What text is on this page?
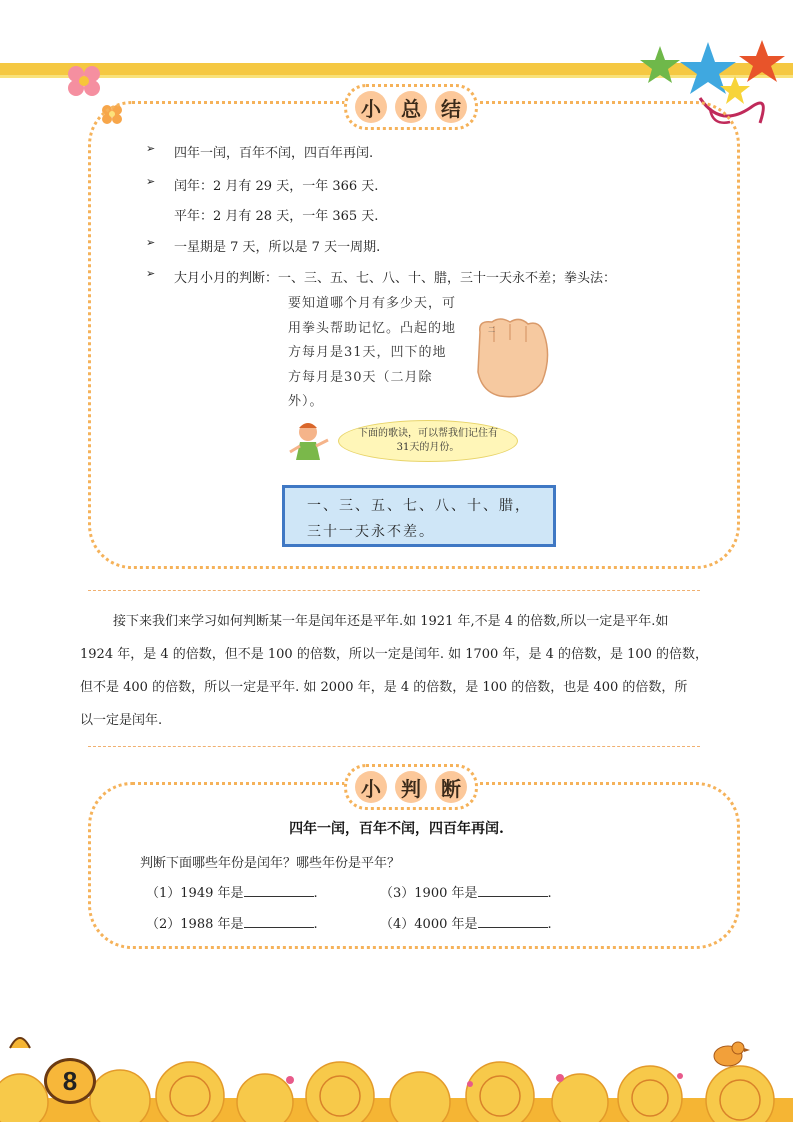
小	总	结
➢ 四年一闰，百年不闰，四百年再闰.
➢ 闰年：2 月有 29 天，一年 366 天.
平年：2 月有 28 天，一年 365 天.
➢ 一星期是 7 天，所以是 7 天一周期.
➢ 大月小月的判断：一、三、五、七、八、十、腊，三十一天永不差；拳头法：
要知道哪个月有多少天，可用拳头帮助记忆。凸起的地方每月是31天，凹下的地方每月是30天（二月除外）。
二
下面的歌诀，可以帮我们记住有31天的月份。
一、三、五、七、八、十、腊，
三十一天永不差。

接下来我们来学习如何判断某一年是闰年还是平年.如 1921 年,不是 4 的倍数,所以一定是平年.如

1924 年，是 4 的倍数，但不是 100 的倍数，所以一定是闰年. 如 1700 年，是 4 的倍数，是 100 的倍数，

但不是 400 的倍数，所以一定是平年. 如 2000 年，是 4 的倍数，是 100 的倍数，也是 400 的倍数，所

以一定是闰年.

小	判	断
四年一闰，百年不闰，四百年再闰.
判断下面哪些年份是闰年？哪些年份是平年？
（1）1949 年是	.
（2）1988 年是	.
（3）1900 年是	.
（4）4000 年是	.
8
